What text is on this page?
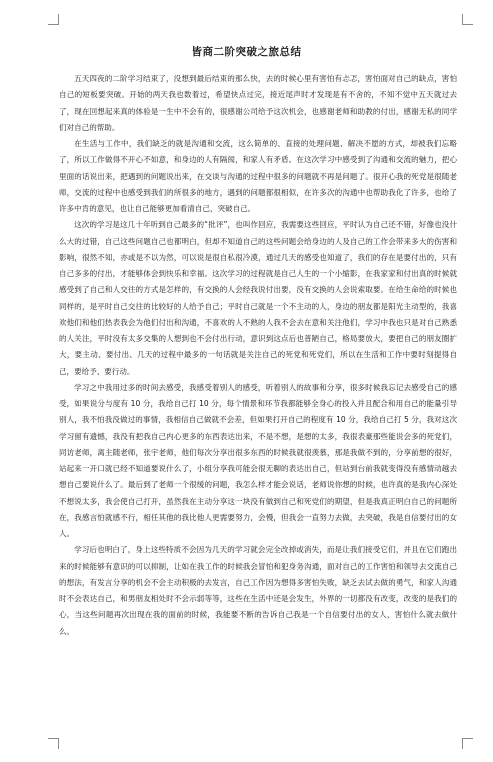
皆商二阶突破之旅总结

五天四夜的二阶学习结束了，没想到最后结束的那么快，去的时候心里有害怕有忐忑，害怕面对自己的缺点，害怕自己的短板要突破。开始的两天我也数着过，希望快点过完，接近尾声时才发现是有不舍的，不知不觉中五天就过去了，现在回想起来真的体验是一生中不会有的，很感谢公司给予这次机会，也感谢老师和助教的付出，感谢无私的同学们对自己的帮助。

在生活与工作中，我们缺乏的就是沟通和交流，这么简单的、直接的处理问题、解决不愿的方式，却被我们忘略了，所以工作做得不开心不如意，和身边的人有隔阂，和家人有矛盾。在这次学习中感受到了沟通和交流的魅力，把心里面的话说出来，把遇到的问题说出来，在交谈与沟通的过程中很多的问题就不再是问题了。很开心我的死党是很随老师，交流的过程中也感受到我们的所很多的地方，遇到的问题都很相似，在许多次的沟通中也帮助我化了许多，也给了许多中肯的意见，也让自己能够更加看清自己，突破自己。

这次的学习是这几十年听到自己最多的“批评”，也叫作回应，我需要这些回应，平时认为自己还不错，好像也没什么大的过错，自己这些问题自己也都明白，但却不知道自己的这些问题会给身边的人及自己的工作会带来多大的伤害和影响，很然不知，亦或是不以为然，可以说是很自私很冷漠，通过几天的感受也知道了，我们的存在是要付出的，只有自己多多的付出，才能够体会到快乐和幸福。这次学习的过程就是自己人生的一个小缩影，在我家家和付出真的时候就感受到了自己和人交往的方式是怎样的，有交换的人会经我说付出要，没有交换的人会说索取要。在给生命给的时候也同样的，是平时自己交往的比较好的人给予自己；平时自己就是一个不主动的人，身边的朋友都是阳光主动型的，我喜欢他们和他们热表我会为他们付出和沟通，不喜欢的人不熟的人我不会去在意和关注他们，学习中我也只是对自己熟悉的人关注，平时没有太多交集的人想到也不会付出行动，意识到这点后也普陋自己，格局要放大，要把自己的朋友圈扩大，要主动、要付出、几天的过程中最多的一句话就是关注自己的死党和死党们，所以在生活和工作中要时刻提得自己，要给予、要行动。

学习之中我用过多的时间去感受，我感受着别人的感受，听着别人的故事和分享，很多时候我忘记去感受自己的感受，如果说分与度有 10 分，我给自己打 10 分，每个情景和环节我都能够全身心的投入并且配合和用自己的能量引导别人，我不怕我没做过的事情，我相信自己做就不会差，但如果打开自己的程度有 10 分，我给自己打 5 分，我对这次学习留有遗憾，我没有把我自己内心更多的东西表达出来，不是不想，是想的太多，我很表豪那些能说会多的死党们，同访老师，离主随老师，张宇老师，他们每次分享出很多东西的时候我就很羡慕，那是我做不到的，分享前想的很好，站起来一开口就已经不知道要说什么了，小组分享我可能会很无聊的表达出自己，但站到台前我就变得没有感情动越去想自己要说什么了。最后到了老师一个很缓的问题，我怎么样才能会说话，老师说你想的时候，也许真的是我内心深处不想说太多，我会使自己打开，虽然我在主动分享这一块没有做到自己和死党们的期望，但是我真正明白自己的问题所在，我感言怕就感不行，相任其他的我比他人更需要努力，会慢，但我会一直努力去做，去突破，我是自信要付出的女人。

学习后也明白了，身上这些特质不会因为几天的学习就会完全改掉或消失，而是让我们接受它们，并且在它们跑出来的时候能够有意识的可以抑制，让如在我工作的时候我会冒怕和犯身务沟通，面对自己的工作害怕和领导去交流自己的想法，有发言分享的机会不会主动积极的去发言，自己工作因为想得多害怕失败，缺乏去试去做的勇气，和家人沟通时不会表达自己，和男朋友相处时不会示弱等等，这些在生活中还是会发生，外界的一切都没有改变，改变的是我们的心，当这些问题再次出现在我的面前的时候，我能要不断的告诉自己我是一个自信要付出的女人，害怕什么就去做什么。
